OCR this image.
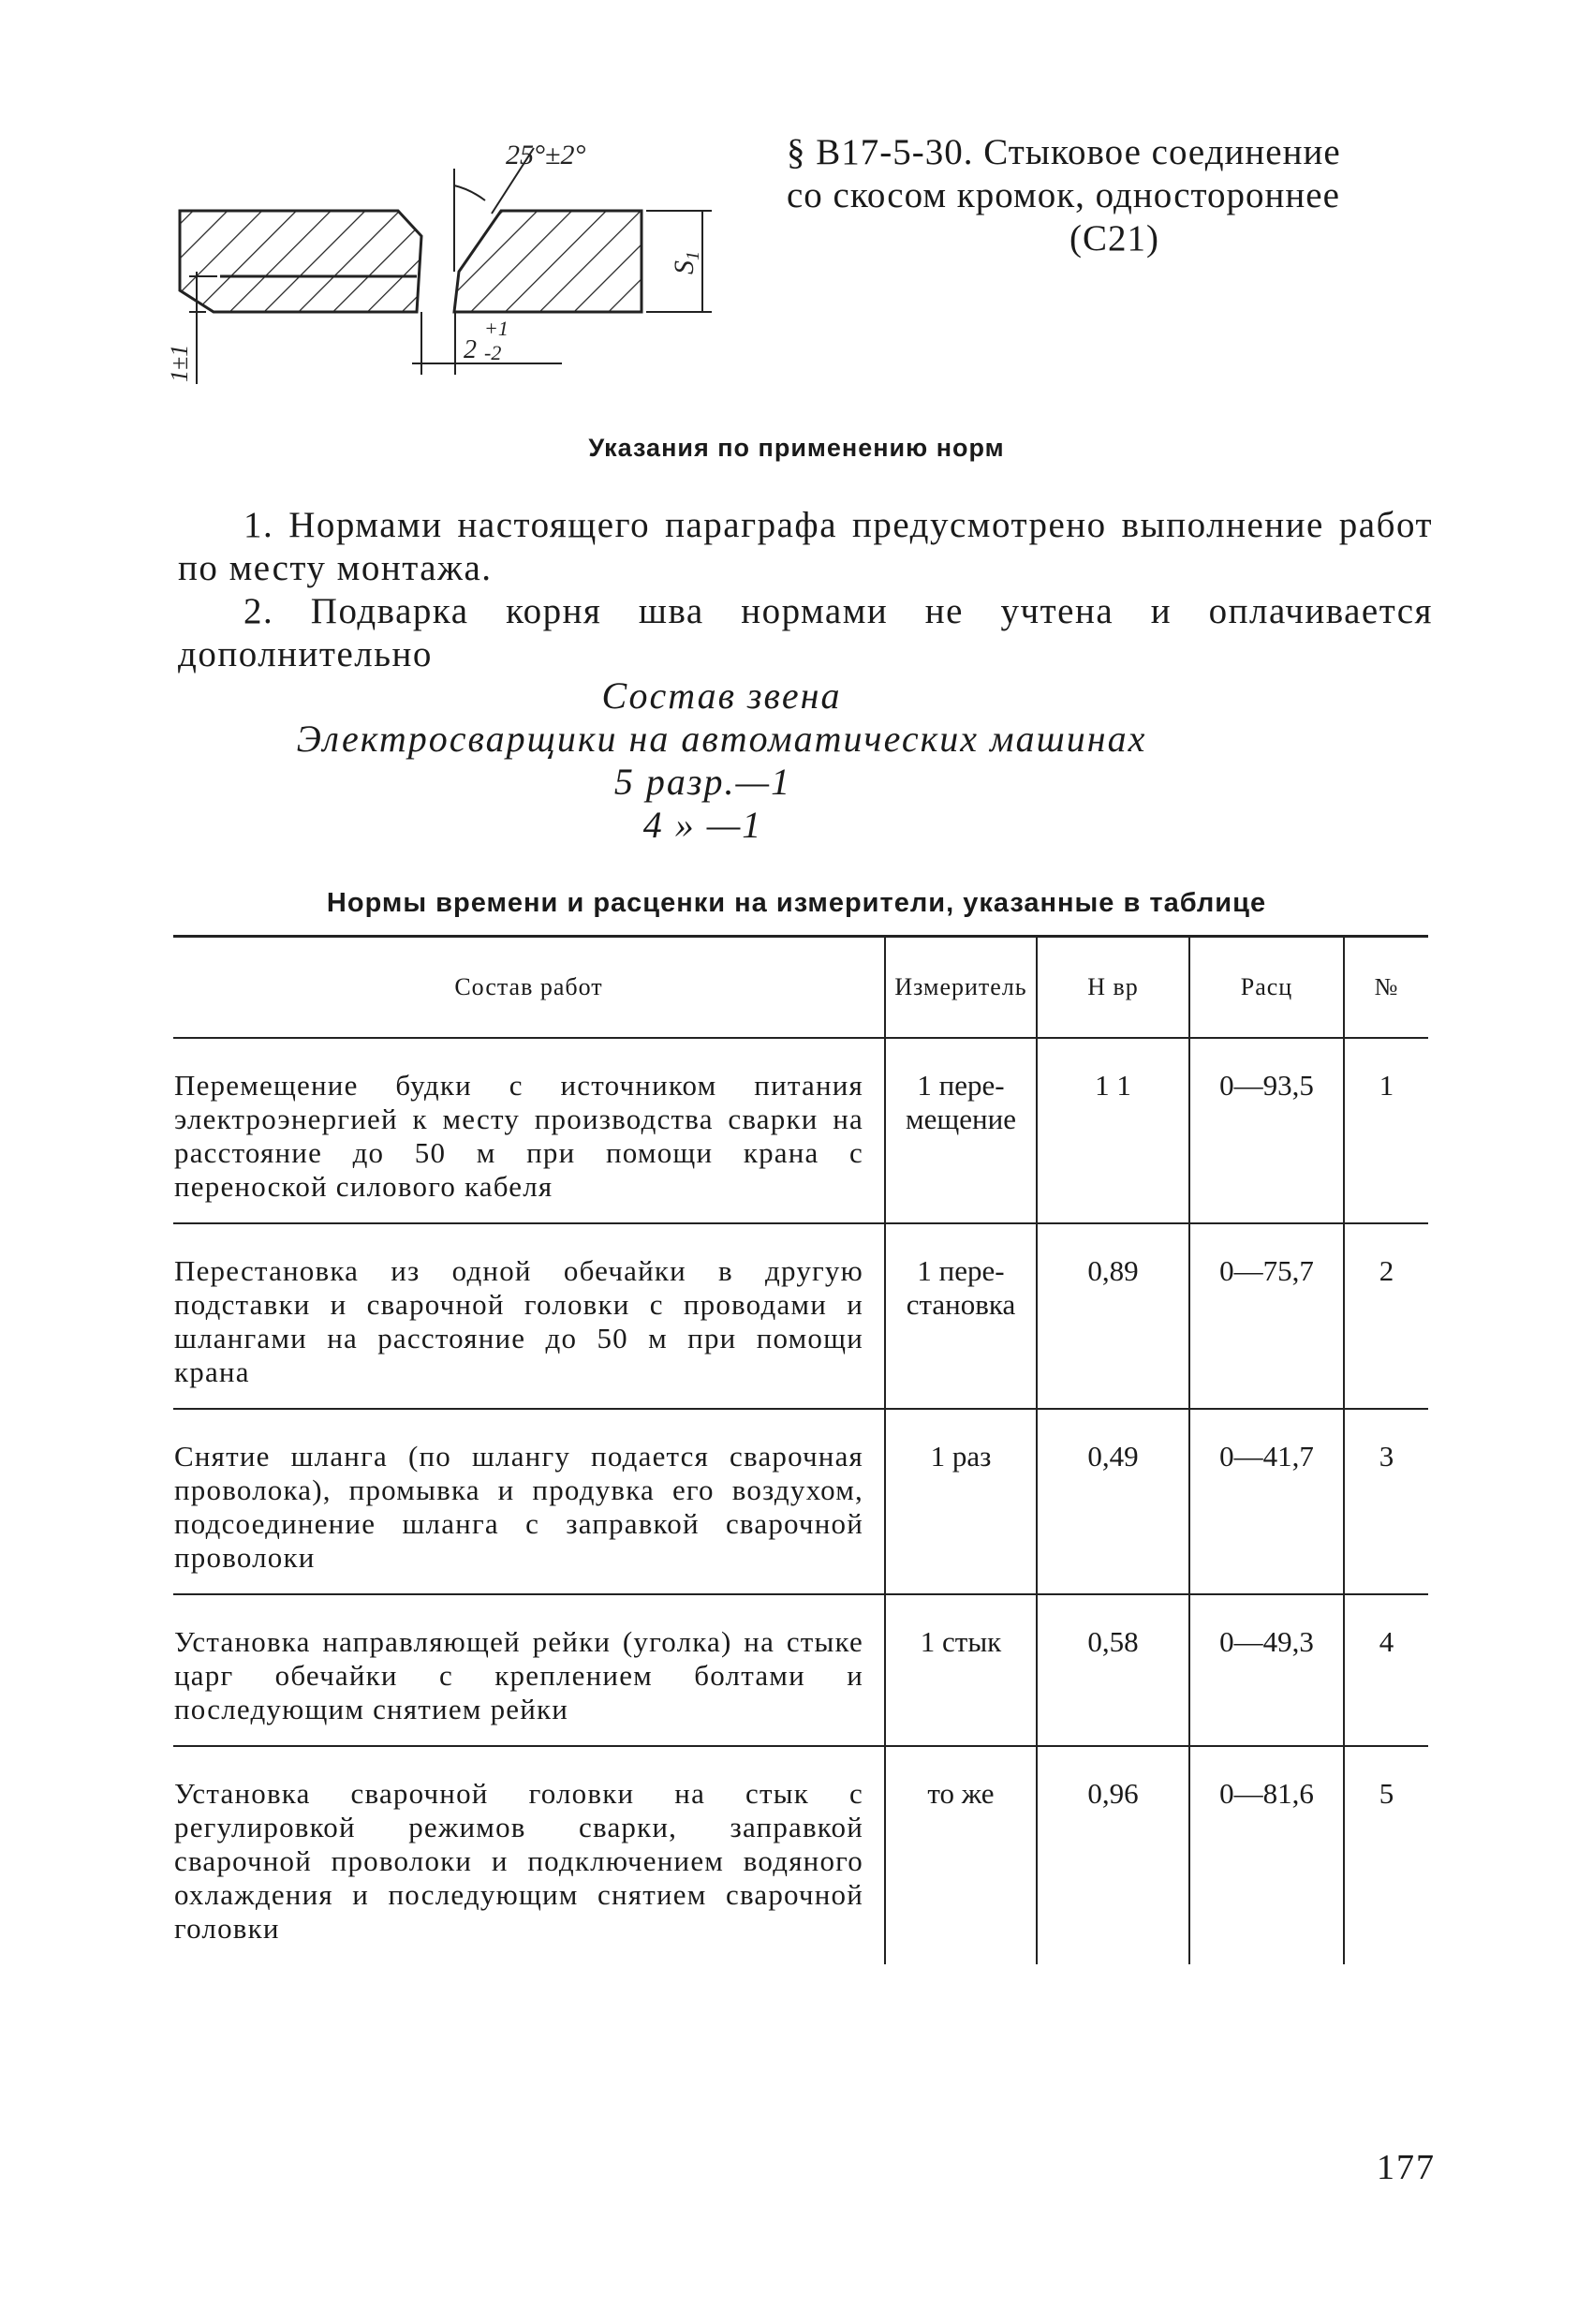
25°±2°
$S_1$
2
+1
-2
1±1
§ В17-5-30. Стыковое соединение
со скосом кромок, одностороннее
(С21)
Указания по применению норм
1. Нормами настоящего параграфа предусмотрено выполнение работ по месту монтажа.
2. Подварка корня шва нормами не учтена и оплачивается дополнительно
Состав звена
Электросварщики на автоматических машинах
5 разр.—1
4 » —1
Нормы времени и расценки на измерители, указанные в таблице
Состав работ	Измеритель	Н вр	Расц	№
Перемещение будки с источником питания электроэнергией к месту производства сварки на расстояние до 50 м при помощи крана с переноской силового кабеля	1 перемещение	1 1	0—93,5	1
Перестановка из одной обечайки в другую подставки и сварочной головки с проводами и шлангами на расстояние до 50 м при помощи крана	1 перестановка	0,89	0—75,7	2
Снятие шланга (по шлангу подается сварочная проволока), промывка и продувка его воздухом, подсоединение шланга с заправкой сварочной проволоки	1 раз	0,49	0—41,7	3
Установка направляющей рейки (уголка) на стыке царг обечайки с креплением болтами и последующим снятием рейки	1 стык	0,58	0—49,3	4
Установка сварочной головки на стык с регулировкой режимов сварки, заправкой сварочной проволоки и подключением водяного охлаждения и последующим снятием сварочной головки	то же	0,96	0—81,6	5
177
